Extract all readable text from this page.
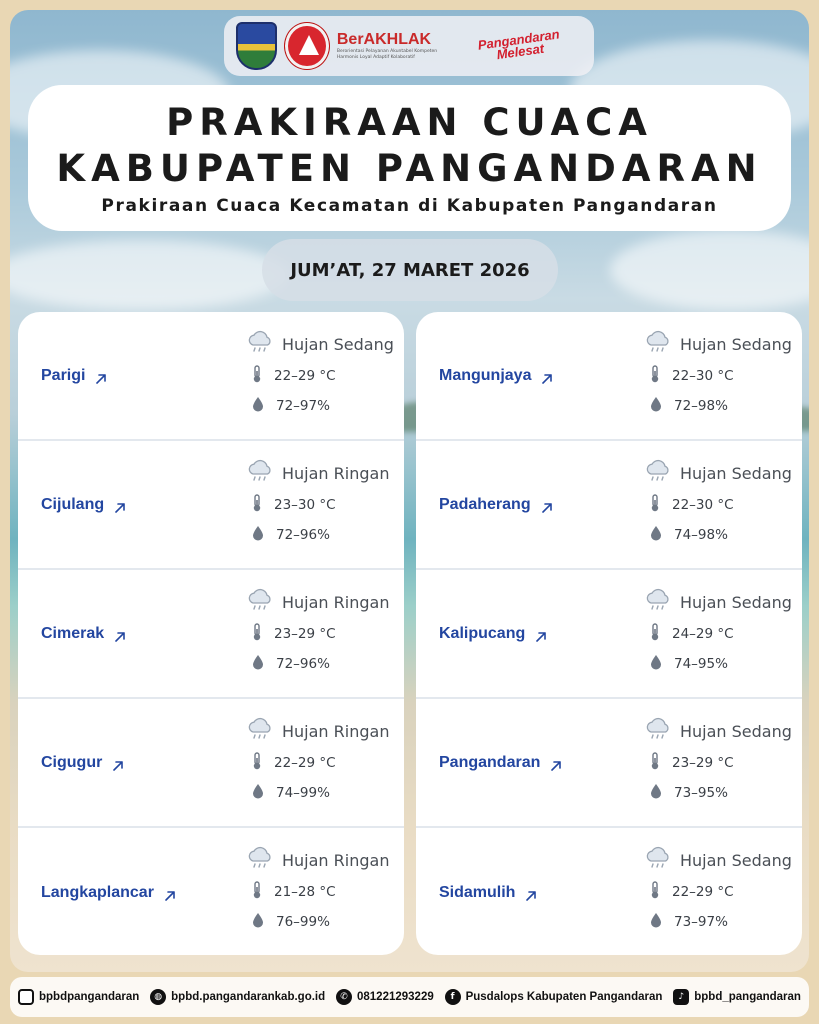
BerAKHLAK
Berorientasi Pelayanan Akuntabel Kompeten Harmonis Loyal Adaptif Kolaboratif
Pangandaran Melesat
PRAKIRAAN CUACA
KABUPATEN PANGANDARAN
Prakiraan Cuaca Kecamatan di Kabupaten Pangandaran
JUM’AT, 27 MARET 2026
Parigi
Hujan Sedang
22–29 °C
72–97%
Cijulang
Hujan Ringan
23–30 °C
72–96%
Cimerak
Hujan Ringan
23–29 °C
72–96%
Cigugur
Hujan Ringan
22–29 °C
74–99%
Langkaplancar
Hujan Ringan
21–28 °C
76–99%
Mangunjaya
Hujan Sedang
22–30 °C
72–98%
Padaherang
Hujan Sedang
22–30 °C
74–98%
Kalipucang
Hujan Sedang
24–29 °C
74–95%
Pangandaran
Hujan Sedang
23–29 °C
73–95%
Sidamulih
Hujan Sedang
22–29 °C
73–97%
bpbdpangandaran	◍ bpbd.pangandarankab.go.id	✆ 081221293229	f Pusdalops Kabupaten Pangandaran	♪ bpbd_pangandaran
